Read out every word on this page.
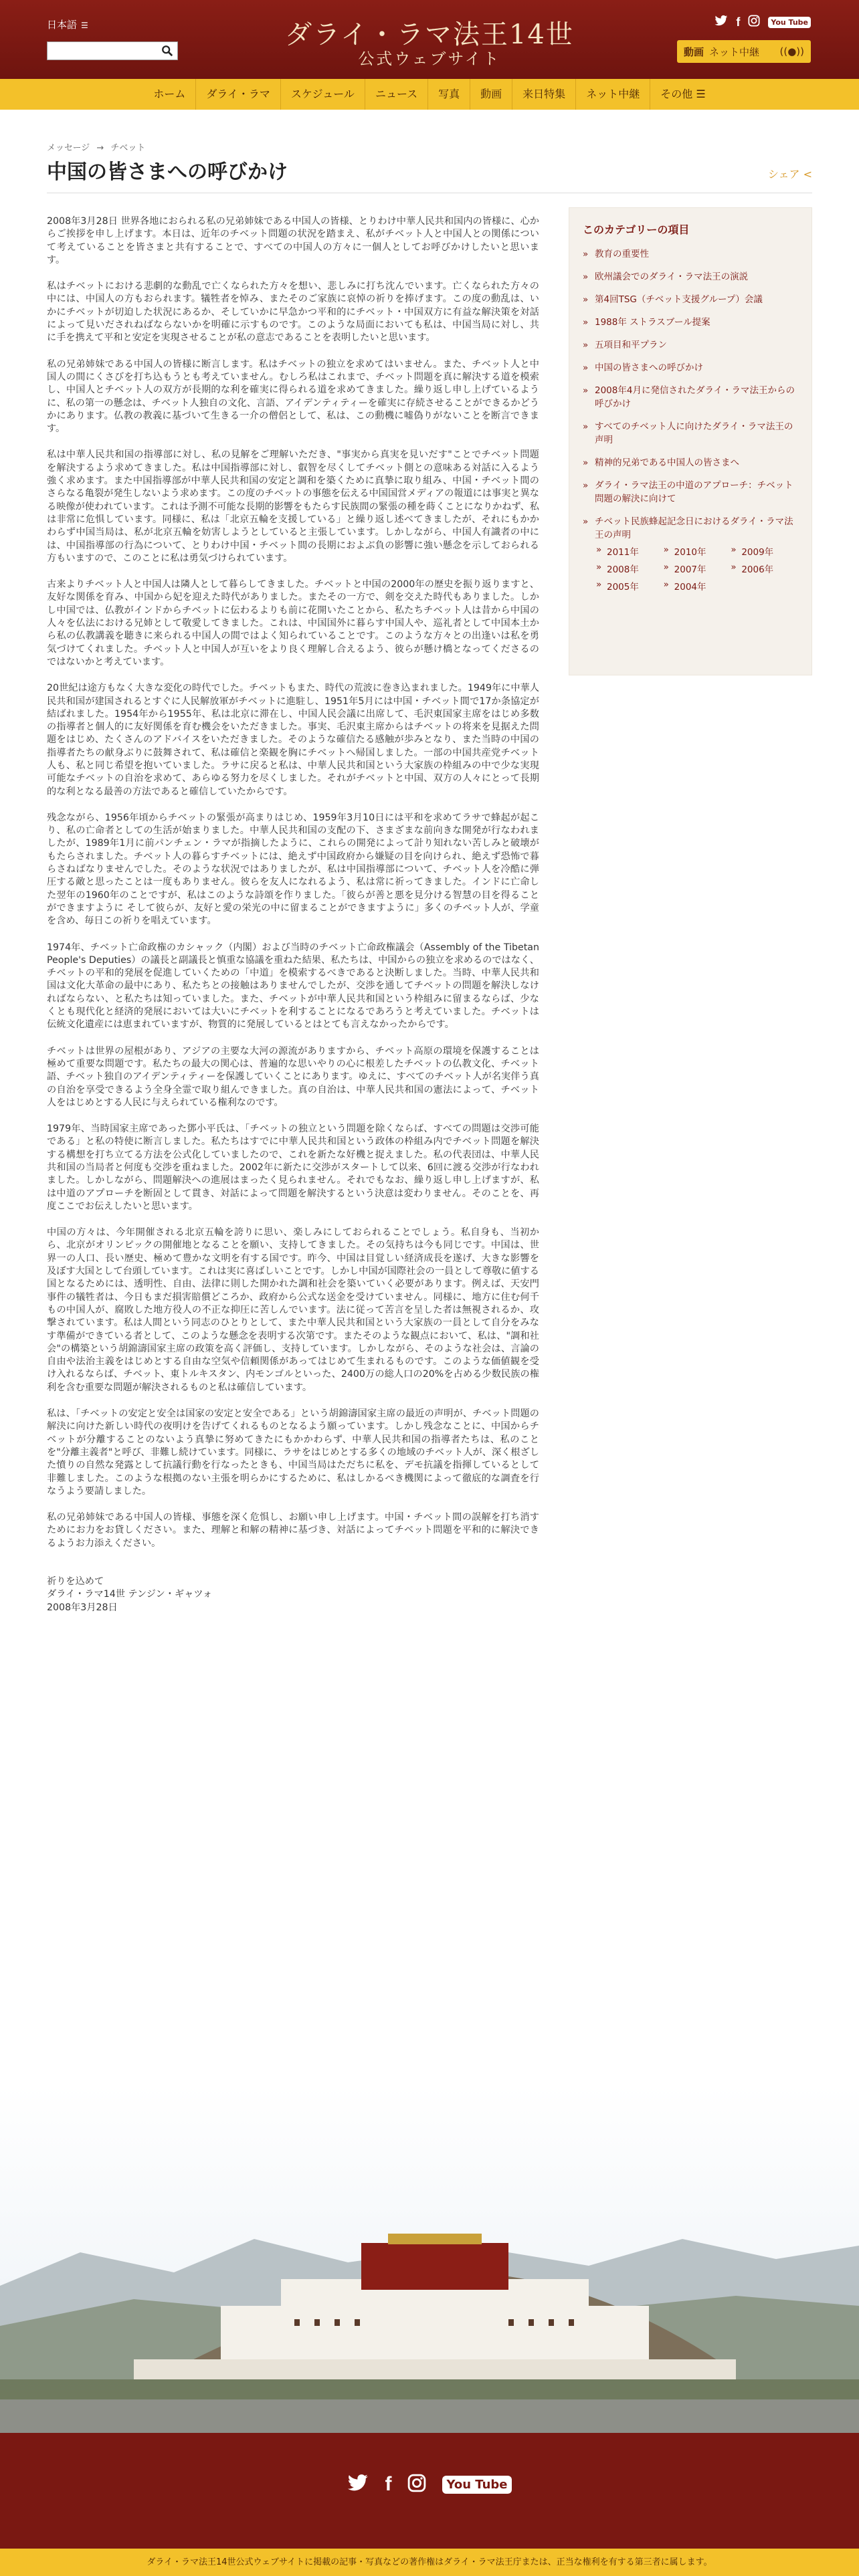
日本語 ☰	ダライ・ラマ法王14世
公式ウェブサイト
f	You Tube
動画 ネット中継 ((●))
ホーム	ダライ・ラマ	スケジュール	ニュース	写真	動画	来日特集	ネット中継	その他 ☰
メッセージ → チベット
中国の皆さまへの呼びかけ	シェア <

2008年3月28日 世界各地におられる私の兄弟姉妹である中国人の皆様、とりわけ中華人民共和国内の皆様に、心からご挨拶を申し上げます。本日は、近年のチベット問題の状況を踏まえ、私がチベット人と中国人との関係について考えていることを皆さまと共有することで、すべての中国人の方々に一個人としてお呼びかけしたいと思います。

私はチベットにおける悲劇的な動乱で亡くなられた方々を想い、悲しみに打ち沈んでいます。亡くなられた方々の中には、中国人の方もおられます。犠牲者を悼み、またそのご家族に哀悼の祈りを捧げます。この度の動乱は、いかにチベットが切迫した状況にあるか、そしていかに早急かつ平和的にチベット・中国双方に有益な解決策を対話によって見いだされねばならないかを明確に示すものです。このような局面においても私は、中国当局に対し、共に手を携えて平和と安定を実現させることが私の意志であることを表明したいと思います。

私の兄弟姉妹である中国人の皆様に断言します。私はチベットの独立を求めてはいません。また、チベット人と中国人の間にくさびを打ち込もうとも考えていません。むしろ私はこれまで、チベット問題を真に解決する道を模索し、中国人とチベット人の双方が長期的な利を確実に得られる道を求めてきました。繰り返し申し上げているように、私の第一の懸念は、チベット人独自の文化、言語、アイデンティティーを確実に存続させることができるかどうかにあります。仏教の教義に基づいて生きる一介の僧侶として、私は、この動機に嘘偽りがないことを断言できます。

私は中華人民共和国の指導部に対し、私の見解をご理解いただき、"事実から真実を見いだす"ことでチベット問題を解決するよう求めてきました。私は中国指導部に対し、叡智を尽くしてチベット側との意味ある対話に入るよう強く求めます。また中国指導部が中華人民共和国の安定と調和を築くために真摯に取り組み、中国・チベット間のさらなる亀裂が発生しないよう求めます。この度のチベットの事態を伝える中国国営メディアの報道には事実と異なる映像が使われています。これは予測不可能な長期的影響をもたらす民族間の緊張の種を蒔くことになりかねず、私は非常に危惧しています。同様に、私は「北京五輪を支援している」と繰り返し述べてきましたが、それにもかかわらず中国当局は、私が北京五輪を妨害しようとしていると主張しています。しかしながら、中国人有識者の中には、中国指導部の行為について、とりわけ中国・チベット間の長期におよぶ負の影響に強い懸念を示しておられる方もいますので、このことに私は勇気づけられています。

古来よりチベット人と中国人は隣人として暮らしてきました。チベットと中国の2000年の歴史を振り返りますと、友好な関係を育み、中国から妃を迎えた時代がありました。またその一方で、剣を交えた時代もありました。しかし中国では、仏教がインドからチベットに伝わるよりも前に花開いたことから、私たちチベット人は昔から中国の人々を仏法における兄姉として敬愛してきました。これは、中国国外に暮らす中国人や、巡礼者として中国本土から私の仏教講義を聴きに来られる中国人の間ではよく知られていることです。このような方々との出逢いは私を勇気づけてくれました。チベット人と中国人が互いをより良く理解し合えるよう、彼らが懸け橋となってくださるのではないかと考えています。

20世紀は途方もなく大きな変化の時代でした。チベットもまた、時代の荒波に巻き込まれました。1949年に中華人民共和国が建国されるとすぐに人民解放軍がチベットに進駐し、1951年5月には中国・チベット間で17か条協定が結ばれました。1954年から1955年、私は北京に滞在し、中国人民会議に出席して、毛沢東国家主席をはじめ多数の指導者と個人的に友好関係を育む機会をいただきました。事実、毛沢東主席からはチベットの将来を見据えた問題をはじめ、たくさんのアドバイスをいただきました。そのような確信たる感触が歩みとなり、また当時の中国の指導者たちの献身ぶりに鼓舞されて、私は確信と楽観を胸にチベットへ帰国しました。一部の中国共産党チベット人も、私と同じ希望を抱いていました。ラサに戻ると私は、中華人民共和国という大家族の枠組みの中で少な実現可能なチベットの自治を求めて、あらゆる努力を尽くしました。それがチベットと中国、双方の人々にとって長期的な利となる最善の方法であると確信していたからです。

残念ながら、1956年頃からチベットの緊張が高まりはじめ、1959年3月10日には平和を求めてラサで蜂起が起こり、私の亡命者としての生活が始まりました。中華人民共和国の支配の下、さまざまな前向きな開発が行なわれましたが、1989年1月に前パンチェン・ラマが指摘したように、これらの開発によって計り知れない苦しみと破壊がもたらされました。チベット人の暮らすチベットには、絶えず中国政府から嫌疑の目を向けられ、絶えず恐怖で暮らさねばなりませんでした。そのような状況ではありましたが、私は中国指導部について、チベット人を冷酷に弾圧する敵と思ったことは一度もありません。彼らを友人になれるよう、私は常に祈ってきました。インドに亡命した翌年の1960年のことですが、私はこのような詩頌を作りました。「彼らが善と悪を見分ける智慧の目を得ることができますように そして彼らが、友好と愛の栄光の中に留まることができますように」多くのチベット人が、学童を含め、毎日この祈りを唱えています。

1974年、チベット亡命政権のカシャック（内閣）および当時のチベット亡命政権議会（Assembly of the Tibetan People's Deputies）の議長と副議長と慎重な協議を重ねた結果、私たちは、中国からの独立を求めるのではなく、チベットの平和的発展を促進していくための「中道」を模索するべきであると決断しました。当時、中華人民共和国は文化大革命の最中にあり、私たちとの接触はありませんでしたが、交渉を通してチベットの問題を解決しなければならない、と私たちは知っていました。また、チベットが中華人民共和国という枠組みに留まるならば、少なくとも現代化と経済的発展においては大いにチベットを利することになるであろうと考えていました。チベットは伝統文化遺産には恵まれていますが、物質的に発展しているとはとても言えなかったからです。

チベットは世界の屋根があり、アジアの主要な大河の源流がありますから、チベット高原の環境を保護することは極めて重要な問題です。私たちの最大の関心は、普遍的な思いやりの心に根差したチベットの仏教文化、チベット語、チベット独自のアイデンティティーを保護していくことにあります。ゆえに、すべてのチベット人が名実伴う真の自治を享受できるよう全身全霊で取り組んできました。真の自治は、中華人民共和国の憲法によって、チベット人をはじめとする人民に与えられている権利なのです。

1979年、当時国家主席であった鄧小平氏は、「チベットの独立という問題を除くならば、すべての問題は交渉可能である」と私の特使に断言しました。私たちはすでに中華人民共和国という政体の枠組み内でチベット問題を解決する構想を打ち立てる方法を公式化していましたので、これを新たな好機と捉えました。私の代表団は、中華人民共和国の当局者と何度も交渉を重ねました。2002年に新たに交渉がスタートして以来、6回に渡る交渉が行なわれました。しかしながら、問題解決への進展はまったく見られません。それでもなお、繰り返し申し上げますが、私は中道のアプローチを断固として貫き、対話によって問題を解決するという決意は変わりません。そのことを、再度ここでお伝えしたいと思います。

中国の方々は、今年開催される北京五輪を誇りに思い、楽しみにしておられることでしょう。私自身も、当初から、北京がオリンピックの開催地となることを願い、支持してきました。その気持ちは今も同じです。中国は、世界一の人口、長い歴史、極めて豊かな文明を有する国です。昨今、中国は目覚しい経済成長を遂げ、大きな影響を及ぼす大国として台頭しています。これは実に喜ばしいことです。しかし中国が国際社会の一員として尊敬に値する国となるためには、透明性、自由、法律に則した開かれた調和社会を築いていく必要があります。例えば、天安門事件の犠牲者は、今日もまだ損害賠償どころか、政府から公式な送金を受けていません。同様に、地方に住む何千もの中国人が、腐敗した地方役人の不正な抑圧に苦しんでいます。法に従って苦言を呈した者は無視されるか、攻撃されています。私は人間という同志のひとりとして、また中華人民共和国という大家族の一員として自分をみなす準備ができている者として、このような懸念を表明する次第です。またそのような観点において、私は、"調和社会"の構築という胡錦濤国家主席の政策を高く評価し、支持しています。しかしながら、そのような社会は、言論の自由や法治主義をはじめとする自由な空気や信頼関係があってはじめて生まれるものです。このような価値観を受け入れるならば、チベット、東トルキスタン、内モンゴルといった、2400万の総人口の20%を占める少数民族の権利を含む重要な問題が解決されるものと私は確信しています。

私は、「チベットの安定と安全は国家の安定と安全である」という胡錦濤国家主席の最近の声明が、チベット問題の解決に向けた新しい時代の夜明けを告げてくれるものとなるよう願っています。しかし残念なことに、中国からチベットが分離することのないよう真摯に努めてきたにもかかわらず、中華人民共和国の指導者たちは、私のことを"分離主義者"と呼び、非難し続けています。同様に、ラサをはじめとする多くの地域のチベット人が、深く根ざした憤りの自然な発露として抗議行動を行なったときも、中国当局はただちに私を、デモ抗議を指揮しているとして非難しました。このような根拠のない主張を明らかにするために、私はしかるべき機関によって徹底的な調査を行なうよう要請しました。

私の兄弟姉妹である中国人の皆様、事態を深く危惧し、お願い申し上げます。中国・チベット間の誤解を打ち消すためにお力をお貸しください。また、理解と和解の精神に基づき、対話によってチベット問題を平和的に解決できるようお力添えください。

祈りを込めて
ダライ・ラマ14世 テンジン・ギャツォ
2008年3月28日
このカテゴリーの項目
» 教育の重要性
» 欧州議会でのダライ・ラマ法王の演説
» 第4回TSG（チベット支援グループ）会議
» 1988年 ストラスブール提案
» 五項目和平プラン
» 中国の皆さまへの呼びかけ
» 2008年4月に発信されたダライ・ラマ法王からの呼びかけ
» すべてのチベット人に向けたダライ・ラマ法王の声明
» 精神的兄弟である中国人の皆さまへ
» ダライ・ラマ法王の中道のアプローチ：チベット問題の解決に向けて
» チベット民族蜂起記念日におけるダライ・ラマ法王の声明
» 2011年	» 2010年	» 2009年
» 2008年	» 2007年	» 2006年
» 2005年	» 2004年
f	You Tube
ダライ・ラマ法王14世公式ウェブサイトに掲載の記事・写真などの著作権はダライ・ラマ法王庁または、正当な権利を有する第三者に属します。
